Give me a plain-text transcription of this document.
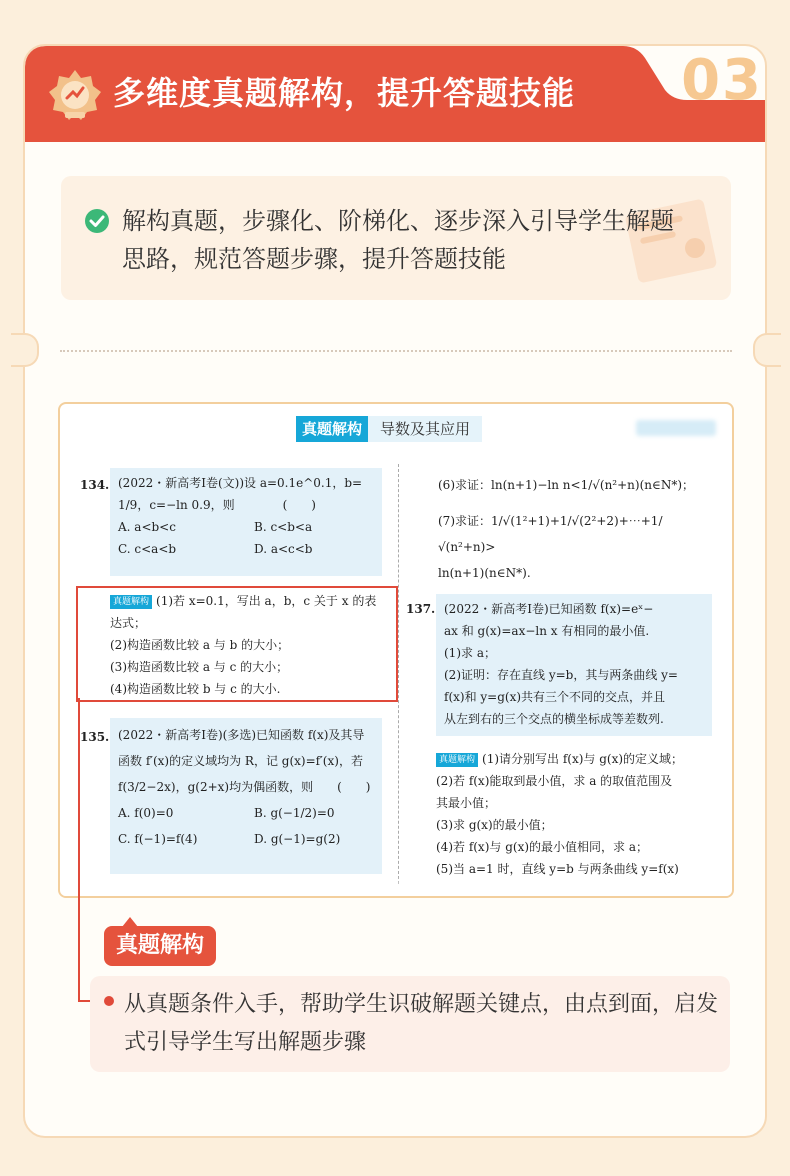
多维度真题解构，提升答题技能 03
解构真题，步骤化、阶梯化、逐步深入引导学生解题思路，规范答题步骤，提升答题技能
真题解构	导数及其应用
134. (2022・新高考Ⅰ卷(文))设 a=0.1e^0.1，b=
1/9，c=−ln 0.9，则　　　　(　　)
A. a<b<c	B. c<b<a
C. c<a<b	D. a<c<b
真题解构 (1)若 x=0.1，写出 a，b，c 关于 x 的表
达式；
(2)构造函数比较 a 与 b 的大小；
(3)构造函数比较 a 与 c 的大小；
(4)构造函数比较 b 与 c 的大小.
135. (2022・新高考Ⅰ卷)(多选)已知函数 f(x)及其导
函数 f′(x)的定义域均为 R，记 g(x)=f′(x)，若
f(3/2−2x)，g(2+x)均为偶函数，则　　(　　)
A. f(0)=0	B. g(−1/2)=0
C. f(−1)=f(4)	D. g(−1)=g(2)
(6)求证：ln(n+1)−ln n<1/√(n²+n)(n∈N*)；
(7)求证：1/√(1²+1)+1/√(2²+2)+⋯+1/√(n²+n)>
ln(n+1)(n∈N*).
137. (2022・新高考Ⅰ卷)已知函数 f(x)=eˣ−
ax 和 g(x)=ax−ln x 有相同的最小值.
(1)求 a；
(2)证明：存在直线 y=b，其与两条曲线 y=
f(x)和 y=g(x)共有三个不同的交点，并且
从左到右的三个交点的横坐标成等差数列.
真题解构 (1)请分别写出 f(x)与 g(x)的定义域；
(2)若 f(x)能取到最小值，求 a 的取值范围及
其最小值；
(3)求 g(x)的最小值；
(4)若 f(x)与 g(x)的最小值相同，求 a；
(5)当 a=1 时，直线 y=b 与两条曲线 y=f(x)
真题解构
从真题条件入手，帮助学生识破解题关键点，由点到面，启发式引导学生写出解题步骤
